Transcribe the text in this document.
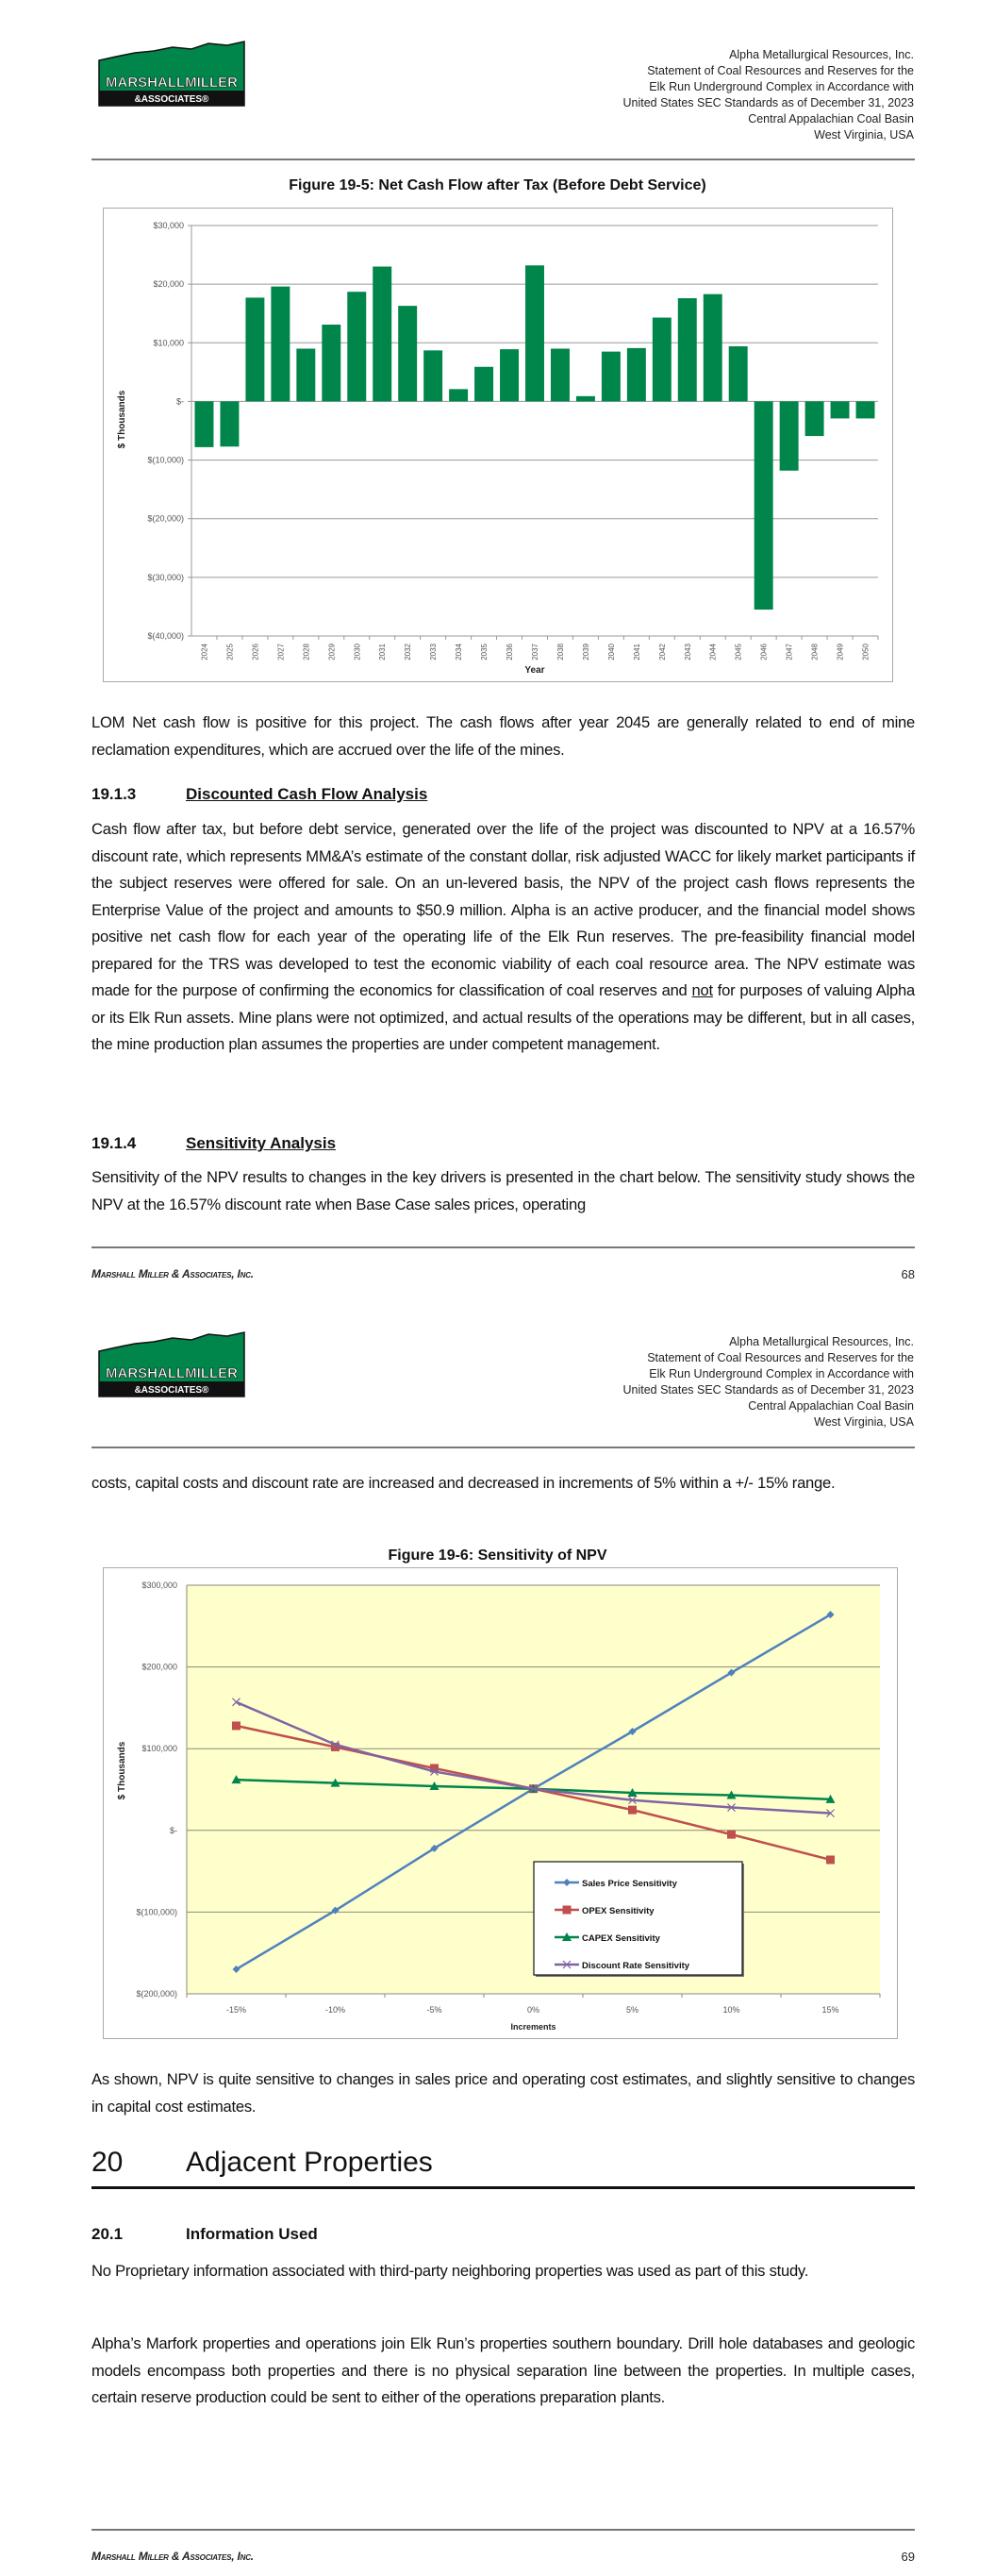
MARSHALLMILLER
&ASSOCIATES®
Alpha Metallurgical Resources, Inc.
Statement of Coal Resources and Reserves for the
Elk Run Underground Complex in Accordance with
United States SEC Standards as of December 31, 2023
Central Appalachian Coal Basin
West Virginia, USA
Figure 19-5: Net Cash Flow after Tax (Before Debt Service)
$30,000
$20,000
$10,000
$-
$(10,000)
$(20,000)
$(30,000)
$(40,000)
2024 2025 2026 2027 2028 2029 2030 2031 2032 2033 2034 2035 2036 2037 2038 2039 2040 2041 2042 2043 2044 2045 2046 2047 2048 2049 2050
Year
$ Thousands
LOM Net cash flow is positive for this project. The cash flows after year 2045 are generally related to end of mine reclamation expenditures, which are accrued over the life of the mines.
19.1.3	Discounted Cash Flow Analysis
Cash flow after tax, but before debt service, generated over the life of the project was discounted to NPV at a 16.57% discount rate, which represents MM&A’s estimate of the constant dollar, risk adjusted WACC for likely market participants if the subject reserves were offered for sale. On an un-levered basis, the NPV of the project cash flows represents the Enterprise Value of the project and amounts to $50.9 million. Alpha is an active producer, and the financial model shows positive net cash flow for each year of the operating life of the Elk Run reserves. The pre-feasibility financial model prepared for the TRS was developed to test the economic viability of each coal resource area. The NPV estimate was made for the purpose of confirming the economics for classification of coal reserves and not for purposes of valuing Alpha or its Elk Run assets. Mine plans were not optimized, and actual results of the operations may be different, but in all cases, the mine production plan assumes the properties are under competent management.
19.1.4	Sensitivity Analysis
Sensitivity of the NPV results to changes in the key drivers is presented in the chart below. The sensitivity study shows the NPV at the 16.57% discount rate when Base Case sales prices, operating
Marshall Miller & Associates, Inc.	68
MARSHALLMILLER
&ASSOCIATES®
Alpha Metallurgical Resources, Inc.
Statement of Coal Resources and Reserves for the
Elk Run Underground Complex in Accordance with
United States SEC Standards as of December 31, 2023
Central Appalachian Coal Basin
West Virginia, USA
costs, capital costs and discount rate are increased and decreased in increments of 5% within a +/- 15% range.
Figure 19-6: Sensitivity of NPV
$300,000
$200,000
$100,000
$-
$(100,000)
$(200,000)
-15%	-10%	-5%	0%	5%	10%	15%
Increments
$ Thousands
Sales Price Sensitivity
OPEX Sensitivity
CAPEX Sensitivity
Discount Rate Sensitivity
As shown, NPV is quite sensitive to changes in sales price and operating cost estimates, and slightly sensitive to changes in capital cost estimates.
20 Adjacent Properties
20.1	Information Used
No Proprietary information associated with third-party neighboring properties was used as part of this study.
Alpha’s Marfork properties and operations join Elk Run’s properties southern boundary. Drill hole databases and geologic models encompass both properties and there is no physical separation line between the properties. In multiple cases, certain reserve production could be sent to either of the operations preparation plants.
Marshall Miller & Associates, Inc.	69
